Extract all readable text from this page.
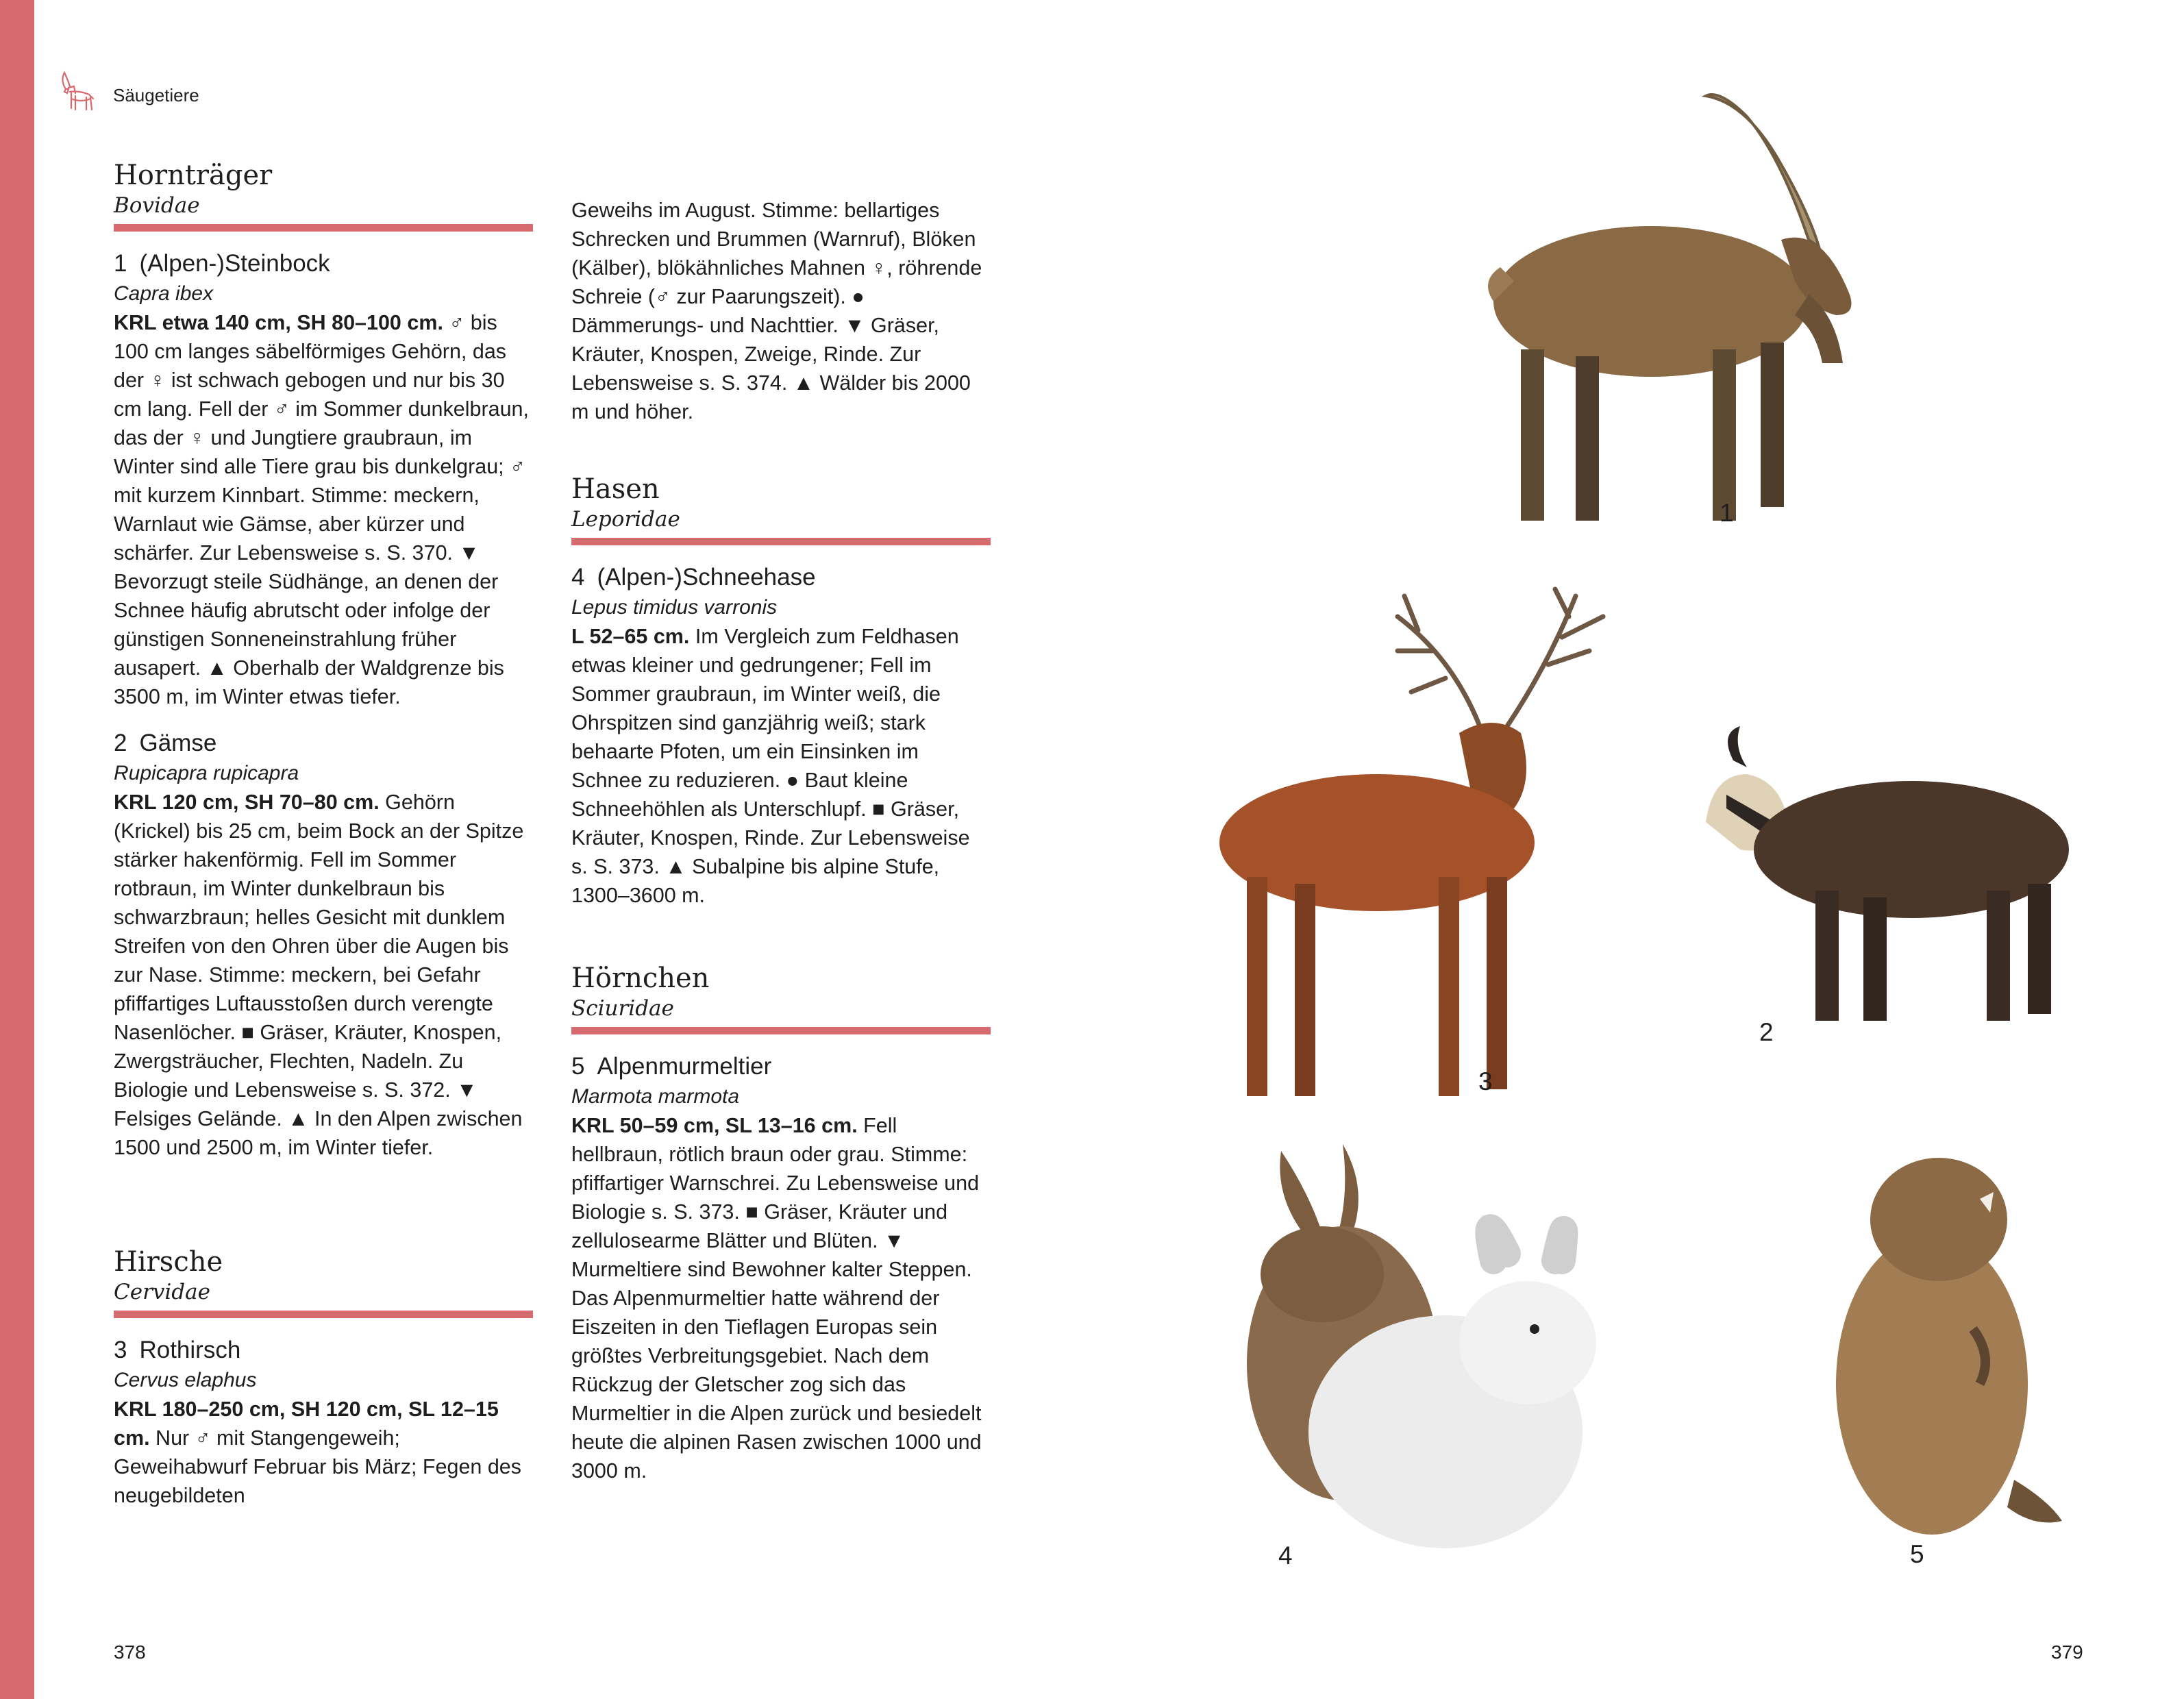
Säugetiere
Hornträger
Bovidae
1 (Alpen-)Steinbock
Capra ibex

KRL etwa 140 cm, SH 80–100 cm. ♂ bis 100 cm langes säbelförmiges Gehörn, das der ♀ ist schwach gebogen und nur bis 30 cm lang. Fell der ♂ im Sommer dunkelbraun, das der ♀ und Jungtiere graubraun, im Winter sind alle Tiere grau bis dunkelgrau; ♂ mit kurzem Kinnbart. Stimme: meckern, Warnlaut wie Gämse, aber kürzer und schärfer. Zur Lebensweise s. S. 370. ▼ Bevorzugt steile Südhänge, an denen der Schnee häufig abrutscht oder infolge der günstigen Sonneneinstrahlung früher ausapert. ▲ Oberhalb der Waldgrenze bis 3500 m, im Winter etwas tiefer.

2 Gämse
Rupicapra rupicapra

KRL 120 cm, SH 70–80 cm. Gehörn (Krickel) bis 25 cm, beim Bock an der Spitze stärker hakenförmig. Fell im Sommer rotbraun, im Winter dunkelbraun bis schwarzbraun; helles Gesicht mit dunklem Streifen von den Ohren über die Augen bis zur Nase. Stimme: meckern, bei Gefahr pfiffartiges Luftausstoßen durch verengte Nasenlöcher. ■ Gräser, Kräuter, Knospen, Zwergsträucher, Flechten, Nadeln. Zu Biologie und Lebensweise s. S. 372. ▼ Felsiges Gelände. ▲ In den Alpen zwischen 1500 und 2500 m, im Winter tiefer.

Hirsche
Cervidae
3 Rothirsch
Cervus elaphus

KRL 180–250 cm, SH 120 cm, SL 12–15 cm. Nur ♂ mit Stangengeweih; Geweihabwurf Februar bis März; Fegen des neugebildeten

Geweihs im August. Stimme: bellartiges Schrecken und Brummen (Warnruf), Blöken (Kälber), blökähnliches Mahnen ♀, röhrende Schreie (♂ zur Paarungszeit). ● Dämmerungs- und Nachttier. ▼ Gräser, Kräuter, Knospen, Zweige, Rinde. Zur Lebensweise s. S. 374. ▲ Wälder bis 2000 m und höher.

Hasen
Leporidae
4 (Alpen-)Schneehase
Lepus timidus varronis

L 52–65 cm. Im Vergleich zum Feldhasen etwas kleiner und gedrungener; Fell im Sommer graubraun, im Winter weiß, die Ohrspitzen sind ganzjährig weiß; stark behaarte Pfoten, um ein Einsinken im Schnee zu reduzieren. ● Baut kleine Schneehöhlen als Unterschlupf. ■ Gräser, Kräuter, Knospen, Rinde. Zur Lebensweise s. S. 373. ▲ Subalpine bis alpine Stufe, 1300–3600 m.

Hörnchen
Sciuridae
5 Alpenmurmeltier
Marmota marmota

KRL 50–59 cm, SL 13–16 cm. Fell hellbraun, rötlich braun oder grau. Stimme: pfiffartiger Warnschrei. Zu Lebensweise und Biologie s. S. 373. ■ Gräser, Kräuter und zellulosearme Blätter und Blüten. ▼ Murmeltiere sind Bewohner kalter Steppen. Das Alpenmurmeltier hatte während der Eiszeiten in den Tieflagen Europas sein größtes Verbreitungsgebiet. Nach dem Rückzug der Gletscher zog sich das Murmeltier in die Alpen zurück und besiedelt heute die alpinen Rasen zwischen 1000 und 3000 m.

1
3
2
4	5
378	379
